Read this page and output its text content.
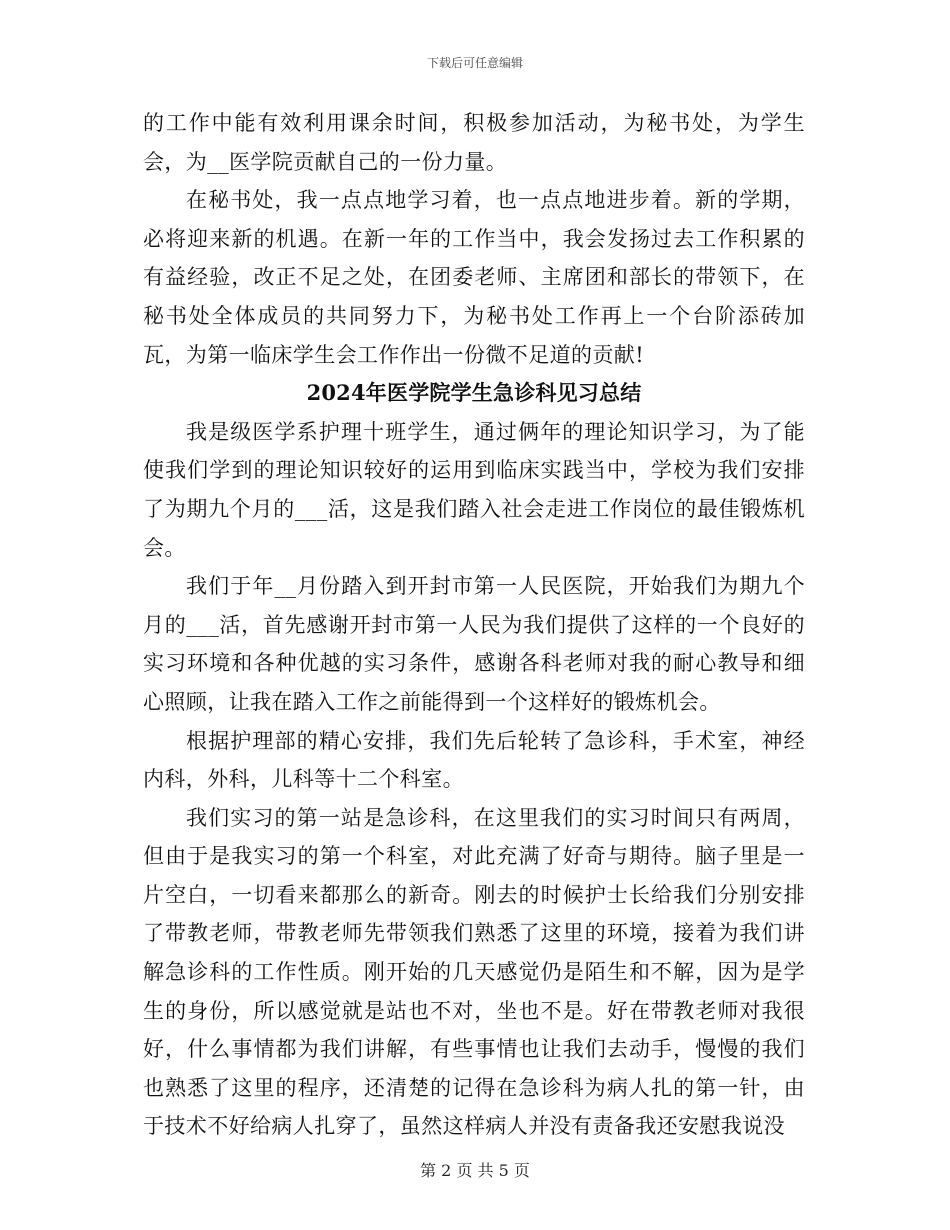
下载后可任意编辑

的工作中能有效利用课余时间，积极参加活动，为秘书处，为学生会，为__医学院贡献自己的一份力量。

在秘书处，我一点点地学习着，也一点点地进步着。新的学期，必将迎来新的机遇。在新一年的工作当中，我会发扬过去工作积累的有益经验，改正不足之处，在团委老师、主席团和部长的带领下，在秘书处全体成员的共同努力下，为秘书处工作再上一个台阶添砖加瓦，为第一临床学生会工作作出一份微不足道的贡献!

2024年医学院学生急诊科见习总结

我是级医学系护理十班学生，通过俩年的理论知识学习，为了能使我们学到的理论知识较好的运用到临床实践当中，学校为我们安排了为期九个月的___活，这是我们踏入社会走进工作岗位的最佳锻炼机会。

我们于年__月份踏入到开封市第一人民医院，开始我们为期九个月的___活，首先感谢开封市第一人民为我们提供了这样的一个良好的实习环境和各种优越的实习条件，感谢各科老师对我的耐心教导和细心照顾，让我在踏入工作之前能得到一个这样好的锻炼机会。

根据护理部的精心安排，我们先后轮转了急诊科，手术室，神经内科，外科，儿科等十二个科室。

我们实习的第一站是急诊科，在这里我们的实习时间只有两周，但由于是我实习的第一个科室，对此充满了好奇与期待。脑子里是一片空白，一切看来都那么的新奇。刚去的时候护士长给我们分别安排了带教老师，带教老师先带领我们熟悉了这里的环境，接着为我们讲解急诊科的工作性质。刚开始的几天感觉仍是陌生和不解，因为是学生的身份，所以感觉就是站也不对，坐也不是。好在带教老师对我很好，什么事情都为我们讲解，有些事情也让我们去动手，慢慢的我们也熟悉了这里的程序，还清楚的记得在急诊科为病人扎的第一针，由于技术不好给病人扎穿了，虽然这样病人并没有责备我还安慰我说没

第 2 页 共 5 页
